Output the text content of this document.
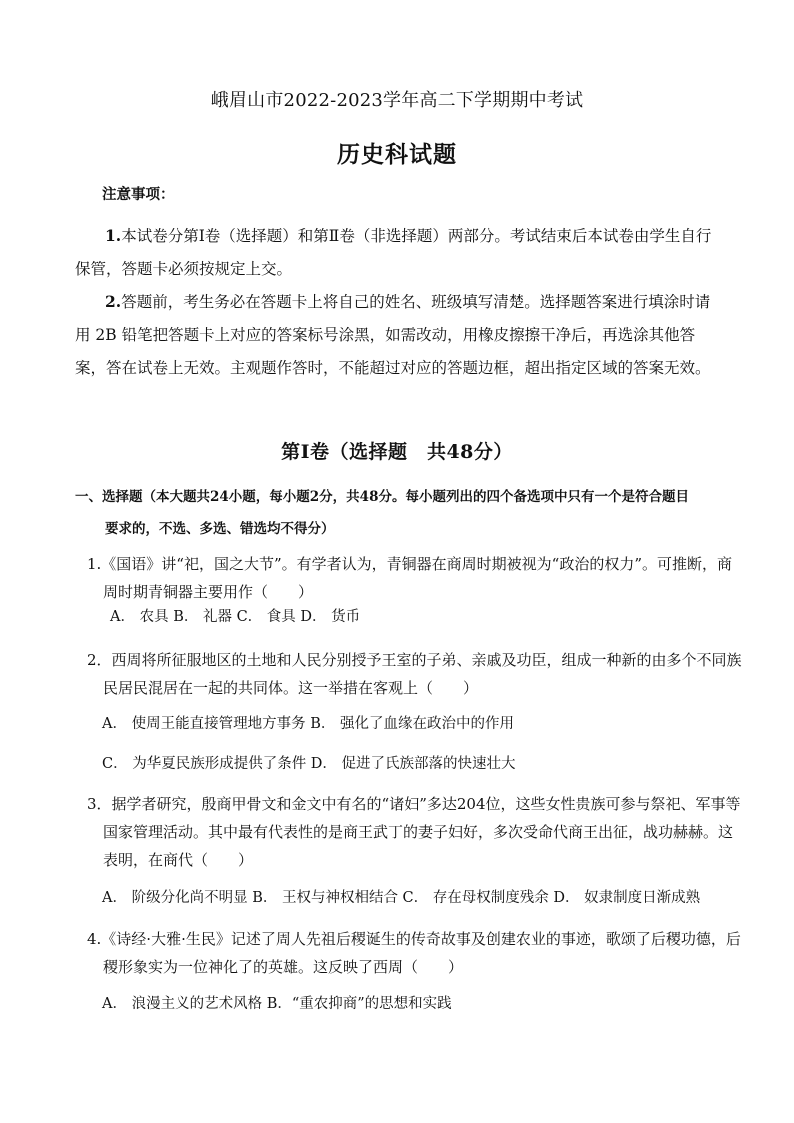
峨眉山市2022-2023学年高二下学期期中考试
历史科试题
注意事项：

1.本试卷分第Ⅰ卷（选择题）和第Ⅱ卷（非选择题）两部分。考试结束后本试卷由学生自行保管，答题卡必须按规定上交。

2.答题前，考生务必在答题卡上将自己的姓名、班级填写清楚。选择题答案进行填涂时请用 2B 铅笔把答题卡上对应的答案标号涂黑，如需改动，用橡皮擦擦干净后，再选涂其他答案，答在试卷上无效。主观题作答时，不能超过对应的答题边框，超出指定区域的答案无效。

第Ⅰ卷（选择题　共48分）

一、选择题（本大题共24小题，每小题2分，共48分。每小题列出的四个备选项中只有一个是符合题目
要求的，不选、多选、错选均不得分）

1.《国语》讲“祀，国之大节”。有学者认为，青铜器在商周时期被视为“政治的权力”。可推断，商周时期青铜器主要用作（　　）

A． 农具 B． 礼器 C． 食具 D． 货币

2．西周将所征服地区的土地和人民分别授予王室的子弟、亲戚及功臣，组成一种新的由多个不同族民居民混居在一起的共同体。这一举措在客观上（　　）

A． 使周王能直接管理地方事务 B． 强化了血缘在政治中的作用
C． 为华夏民族形成提供了条件 D． 促进了氏族部落的快速壮大

3．据学者研究，殷商甲骨文和金文中有名的“诸妇”多达204位，这些女性贵族可参与祭祀、军事等国家管理活动。其中最有代表性的是商王武丁的妻子妇好，多次受命代商王出征，战功赫赫。这表明，在商代（　　）

A． 阶级分化尚不明显 B． 王权与神权相结合 C． 存在母权制度残余 D． 奴隶制度日渐成熟

4.《诗经·大雅·生民》记述了周人先祖后稷诞生的传奇故事及创建农业的事迹，歌颂了后稷功德，后稷形象实为一位神化了的英雄。这反映了西周（　　）

A． 浪漫主义的艺术风格 B．“重农抑商”的思想和实践
